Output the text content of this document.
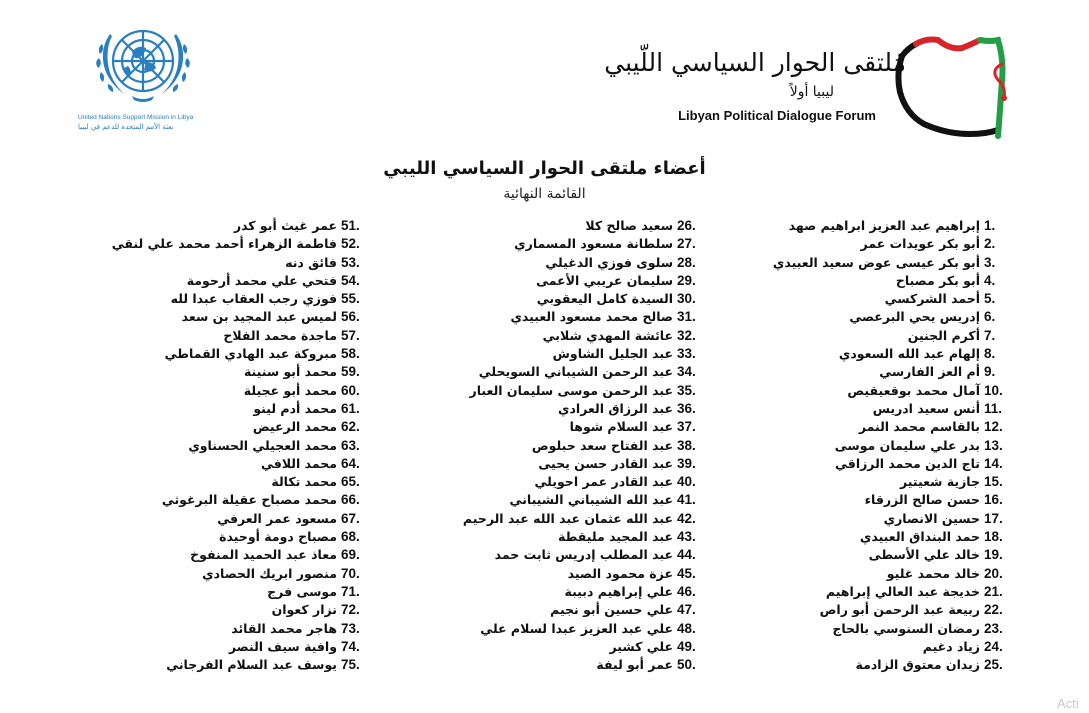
United Nations Support Mission in Libya
بعثة الأمم المتحدة للدعم في ليبيا
مُلتقى الحوار السياسي اللّيبي
ليبيا أولاً
Libyan Political Dialogue Forum
أعضاء ملتقى الحوار السياسي الليبي
القائمة النهائية
1.
إبراهيم عبد العزيز ابراهيم صهد
2.
أبو بكر عويدات عمر
3.
أبو بكر عيسى عوض سعيد العبيدي
4.
أبو بكر مصباح
5.
أحمد الشركسي
6.
إدريس يحي البرعصي
7.
أكرم الجنين
8.
إلهام عبد الله السعودي
9.
أم العز الفارسي
10.
آمال محمد بوقعيقيص
11.
أنس سعيد ادريس
12.
بالقاسم محمد النمر
13.
بدر علي سليمان موسى
14.
تاج الدين محمد الرزاقي
15.
جازية شعيتير
16.
حسن صالح الزرقاء
17.
حسين الانصاري
18.
حمد البنداق العبيدي
19.
خالد علي الأسطى
20.
خالد محمد غليو
21.
خديجة عبد العالي إبراهيم
22.
ربيعة عبد الرحمن أبو راص
23.
رمضان السنوسي بالحاج
24.
زياد دغيم
25.
زيدان معتوق الزادمة
26.
سعيد صالح كلا
27.
سلطانة مسعود المسماري
28.
سلوى فوزي الدغيلي
29.
سليمان عريبي الأعمى
30.
السيدة كامل اليعقوبي
31.
صالح محمد مسعود العبيدي
32.
عائشة المهدي شلابي
33.
عبد الجليل الشاوش
34.
عبد الرحمن الشيباني السويحلي
35.
عبد الرحمن موسى سليمان العبار
36.
عبد الرزاق العرادي
37.
عبد السلام شوها
38.
عبد الفتاح سعد حبلوص
39.
عبد القادر حسن يحيى
40.
عبد القادر عمر احويلي
41.
عبد الله الشيباني الشيباني
42.
عبد الله عثمان عبد الله عبد الرحيم
43.
عبد المجيد مليقطة
44.
عبد المطلب إدريس ثابت حمد
45.
عزة محمود الصيد
46.
علي إبراهيم دبيبة
47.
علي حسين أبو نجيم
48.
علي عبد العزيز عبدا لسلام علي
49.
علي كشير
50.
عمر أبو ليفة
51.
عمر غيث أبو كدر
52.
فاطمة الزهراء أحمد محمد علي لنقي
53.
فائق دنه
54.
فتحي علي محمد أرحومة
55.
فوزي رجب العقاب عبدا لله
56.
لميس عبد المجيد بن سعد
57.
ماجدة محمد الفلاح
58.
مبروكة عبد الهادي القماطي
59.
محمد أبو سنينة
60.
محمد أبو عجيلة
61.
محمد أدم لينو
62.
محمد الرعيض
63.
محمد العجيلي الحسناوي
64.
محمد اللافي
65.
محمد تكالة
66.
محمد مصباح عقيلة البرغوثي
67.
مسعود عمر العرفي
68.
مصباح دومة أوحيدة
69.
معاذ عبد الحميد المنفوخ
70.
منصور ابريك الحصادي
71.
موسى فرج
72.
نزار كعوان
73.
هاجر محمد القائد
74.
وافية سيف النصر
75.
يوسف عبد السلام الفرجاني
Acti
